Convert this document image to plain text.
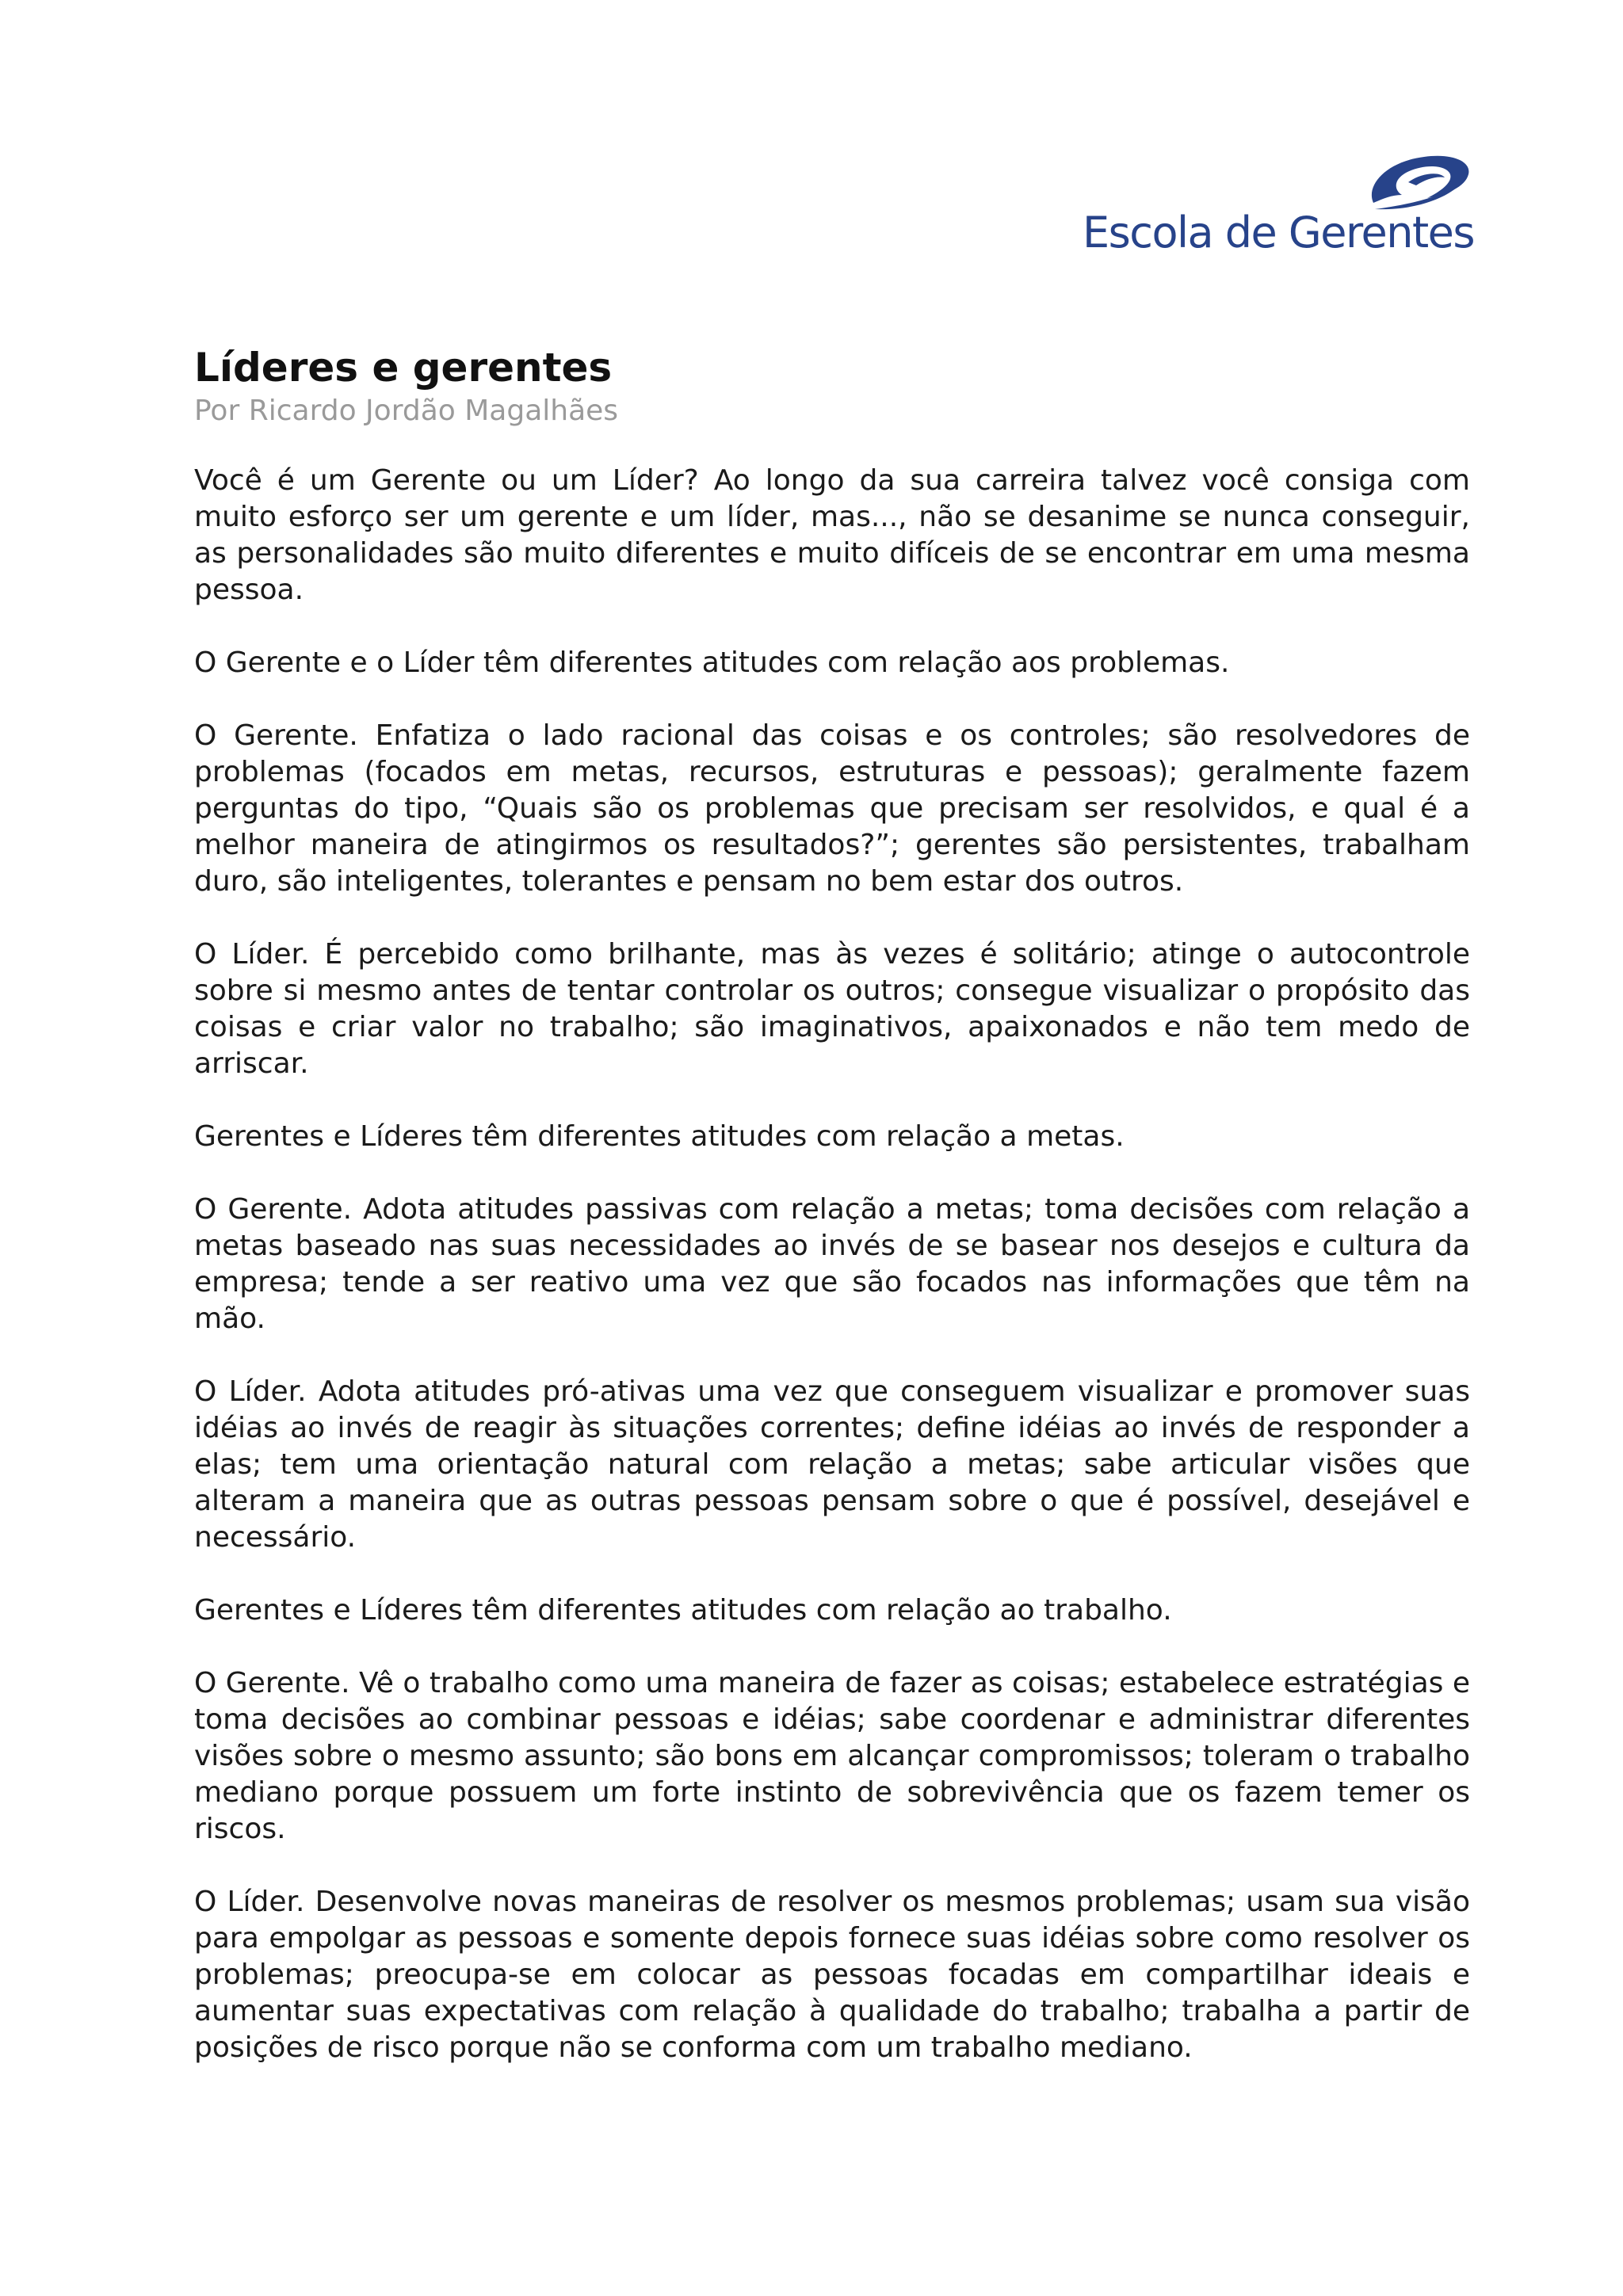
Escola de Gerentes
Líderes e gerentes

Por Ricardo Jordão Magalhães

Você é um Gerente ou um Líder? Ao longo da sua carreira talvez você consiga com muito esforço ser um gerente e um líder, mas..., não se desanime se nunca conseguir, as personalidades são muito diferentes e muito difíceis de se encontrar em uma mesma pessoa.

O Gerente e o Líder têm diferentes atitudes com relação aos problemas.

O Gerente. Enfatiza o lado racional das coisas e os controles; são resolvedores de problemas (focados em metas, recursos, estruturas e pessoas); geralmente fazem perguntas do tipo, “Quais são os problemas que precisam ser resolvidos, e qual é a melhor maneira de atingirmos os resultados?”; gerentes são persistentes, trabalham duro, são inteligentes, tolerantes e pensam no bem estar dos outros.

O Líder. É percebido como brilhante, mas às vezes é solitário; atinge o autocontrole sobre si mesmo antes de tentar controlar os outros; consegue visualizar o propósito das coisas e criar valor no trabalho; são imaginativos, apaixonados e não tem medo de arriscar.

Gerentes e Líderes têm diferentes atitudes com relação a metas.

O Gerente. Adota atitudes passivas com relação a metas; toma decisões com relação a metas baseado nas suas necessidades ao invés de se basear nos desejos e cultura da empresa; tende a ser reativo uma vez que são focados nas informações que têm na mão.

O Líder. Adota atitudes pró-ativas uma vez que conseguem visualizar e promover suas idéias ao invés de reagir às situações correntes; define idéias ao invés de responder a elas; tem uma orientação natural com relação a metas; sabe articular visões que alteram a maneira que as outras pessoas pensam sobre o que é possível, desejável e necessário.

Gerentes e Líderes têm diferentes atitudes com relação ao trabalho.

O Gerente. Vê o trabalho como uma maneira de fazer as coisas; estabelece estratégias e toma decisões ao combinar pessoas e idéias; sabe coordenar e administrar diferentes visões sobre o mesmo assunto; são bons em alcançar compromissos; toleram o trabalho mediano porque possuem um forte instinto de sobrevivência que os fazem temer os riscos.

O Líder. Desenvolve novas maneiras de resolver os mesmos problemas; usam sua visão para empolgar as pessoas e somente depois fornece suas idéias sobre como resolver os problemas; preocupa-se em colocar as pessoas focadas em compartilhar ideais e aumentar suas expectativas com relação à qualidade do trabalho; trabalha a partir de posições de risco porque não se conforma com um trabalho mediano.
